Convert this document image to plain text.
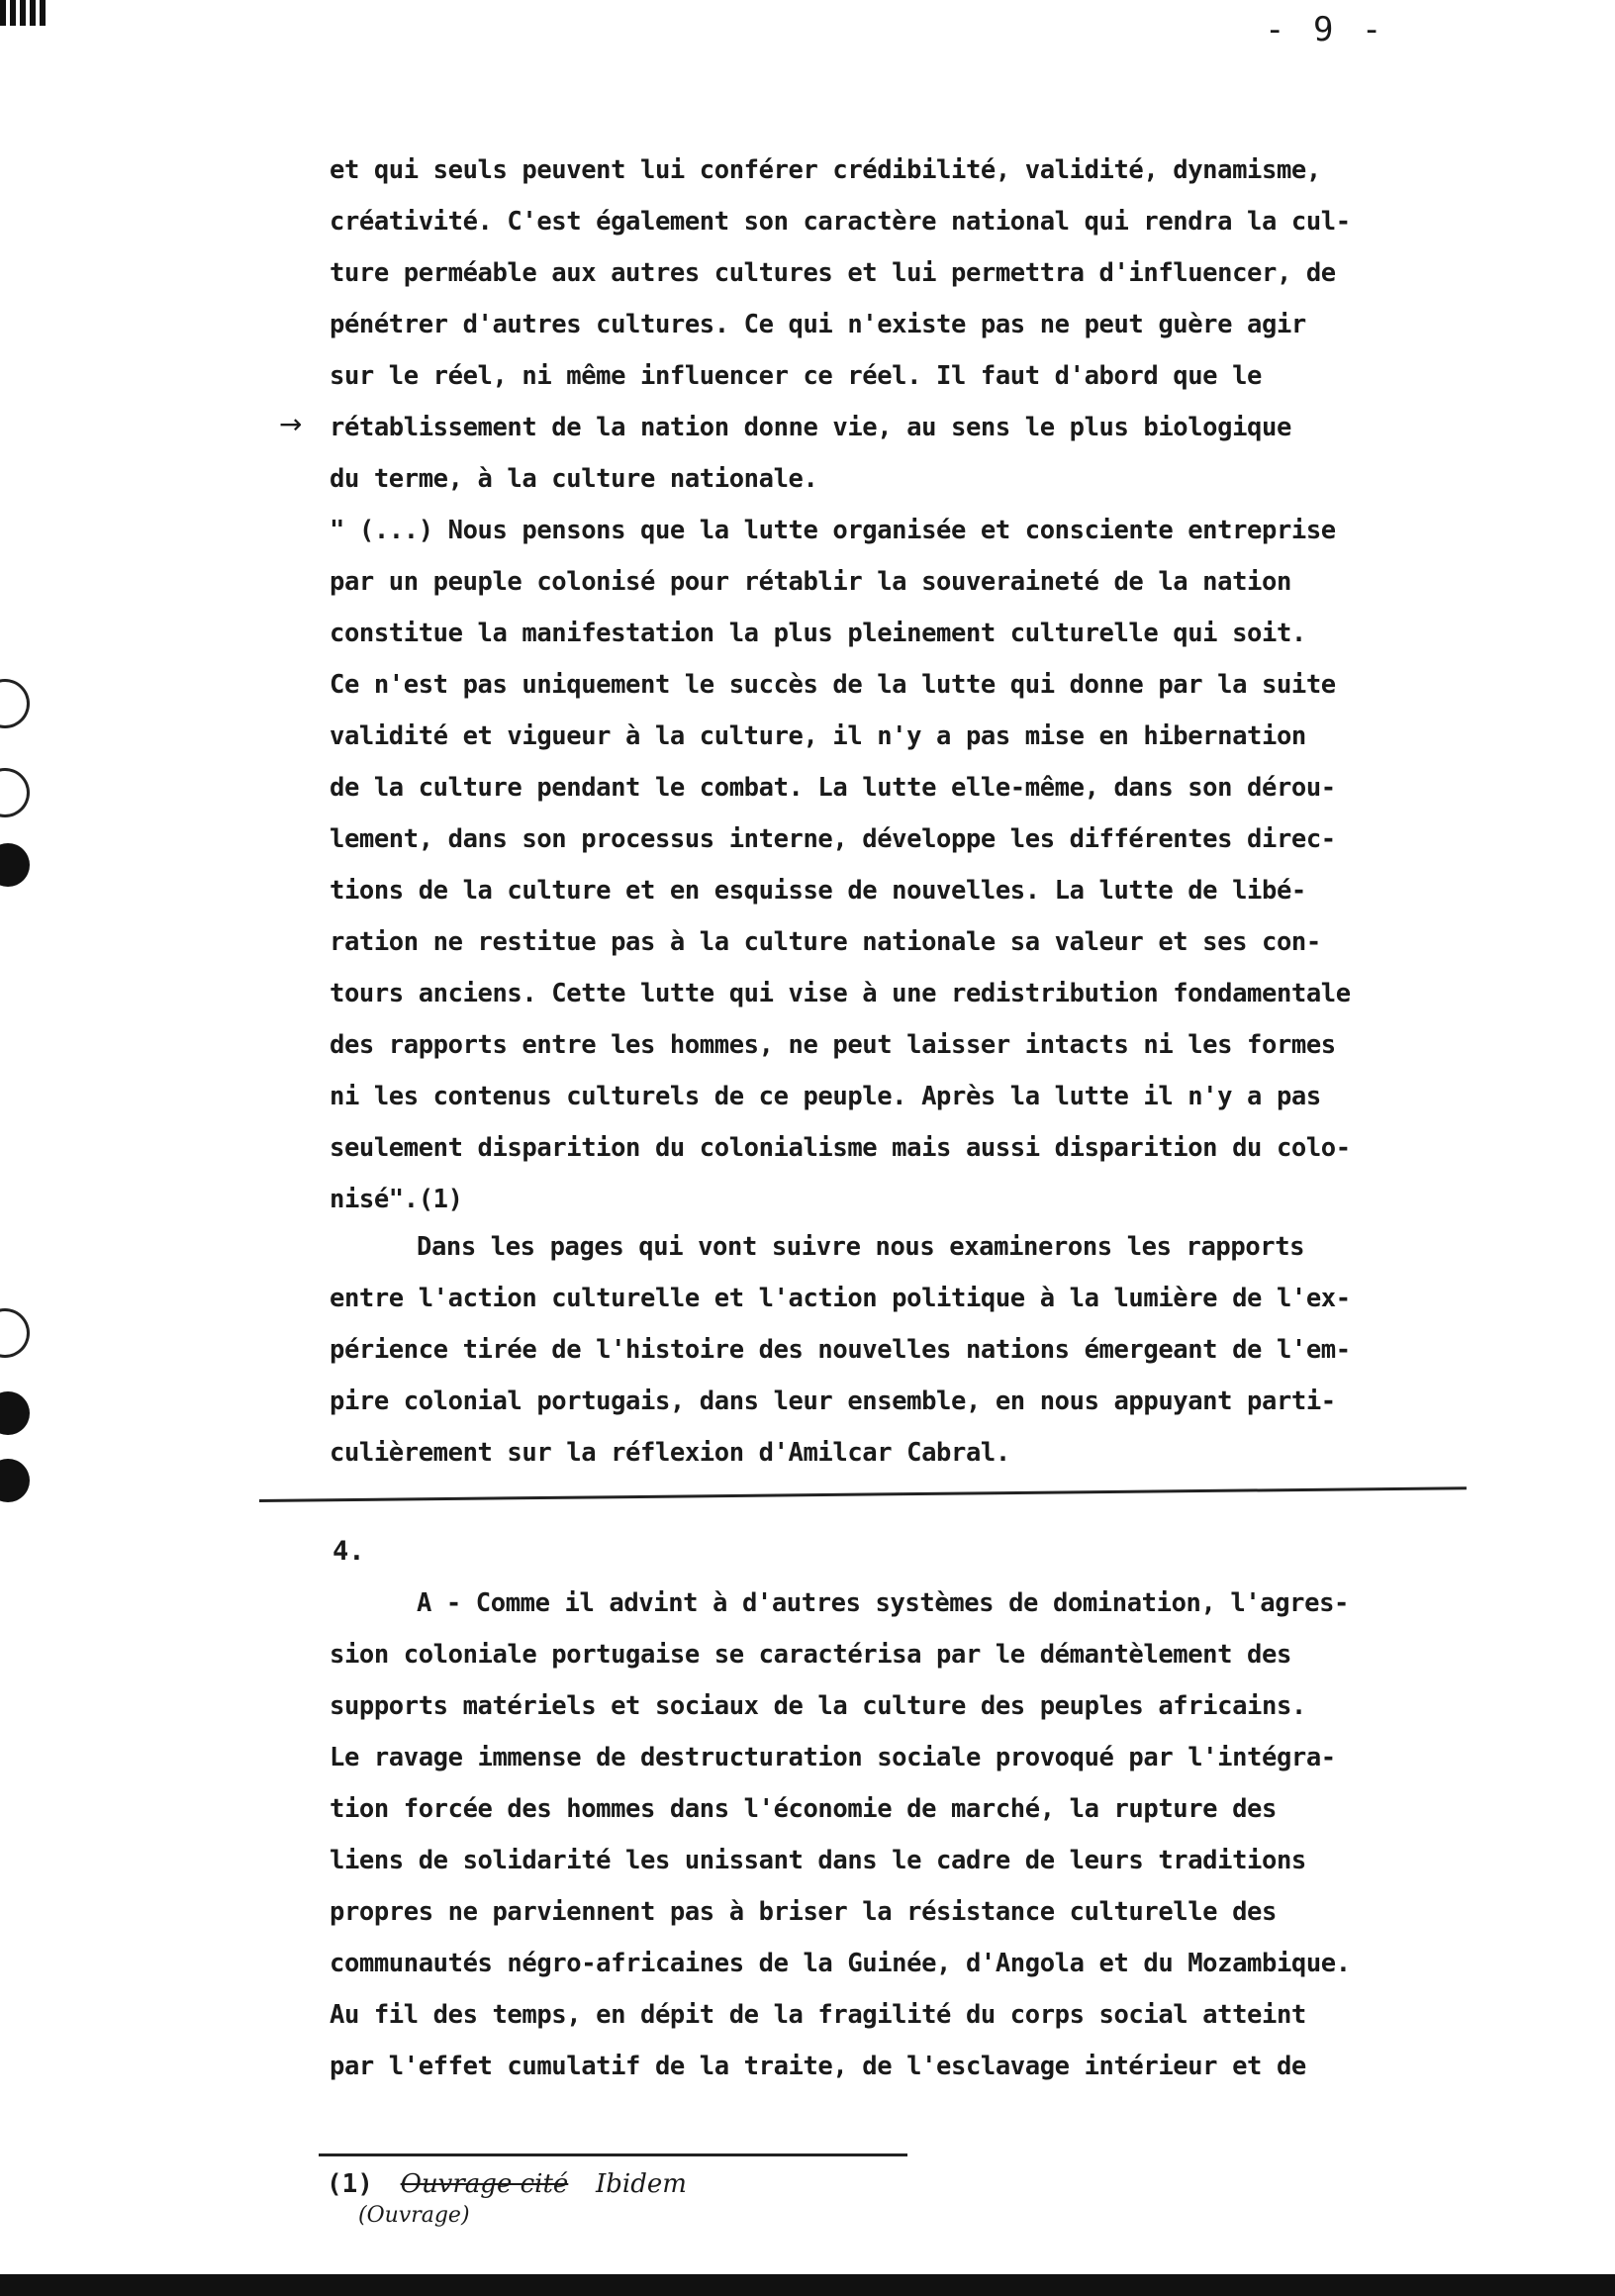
- 9 -
→
et qui seuls peuvent lui conférer crédibilité, validité, dynamisme,
créativité. C'est également son caractère national qui rendra la cul-
ture perméable aux autres cultures et lui permettra d'influencer, de
pénétrer d'autres cultures. Ce qui n'existe pas ne peut guère agir
sur le réel, ni même influencer ce réel. Il faut d'abord que le
rétablissement de la nation donne vie, au sens le plus biologique
du terme, à la culture nationale.
" (...) Nous pensons que la lutte organisée et consciente entreprise
par un peuple colonisé pour rétablir la souveraineté de la nation
constitue la manifestation la plus pleinement culturelle qui soit.
Ce n'est pas uniquement le succès de la lutte qui donne par la suite
validité et vigueur à la culture, il n'y a pas mise en hibernation
de la culture pendant le combat. La lutte elle-même, dans son dérou-
lement, dans son processus interne, développe les différentes direc-
tions de la culture et en esquisse de nouvelles. La lutte de libé-
ration ne restitue pas à la culture nationale sa valeur et ses con-
tours anciens. Cette lutte qui vise à une redistribution fondamentale
des rapports entre les hommes, ne peut laisser intacts ni les formes
ni les contenus culturels de ce peuple. Après la lutte il n'y a pas
seulement disparition du colonialisme mais aussi disparition du colo-
nisé".(1)
Dans les pages qui vont suivre nous examinerons les rapports
entre l'action culturelle et l'action politique à la lumière de l'ex-
périence tirée de l'histoire des nouvelles nations émergeant de l'em-
pire colonial portugais, dans leur ensemble, en nous appuyant parti-
culièrement sur la réflexion d'Amilcar Cabral.
4.
A - Comme il advint à d'autres systèmes de domination, l'agres-
sion coloniale portugaise se caractérisa par le démantèlement des
supports matériels et sociaux de la culture des peuples africains.
Le ravage immense de destructuration sociale provoqué par l'intégra-
tion forcée des hommes dans l'économie de marché, la rupture des
liens de solidarité les unissant dans le cadre de leurs traditions
propres ne parviennent pas à briser la résistance culturelle des
communautés négro-africaines de la Guinée, d'Angola et du Mozambique.
Au fil des temps, en dépit de la fragilité du corps social atteint
par l'effet cumulatif de la traite, de l'esclavage intérieur et de
(1) Ouvrage cité Ibidem
(Ouvrage)
